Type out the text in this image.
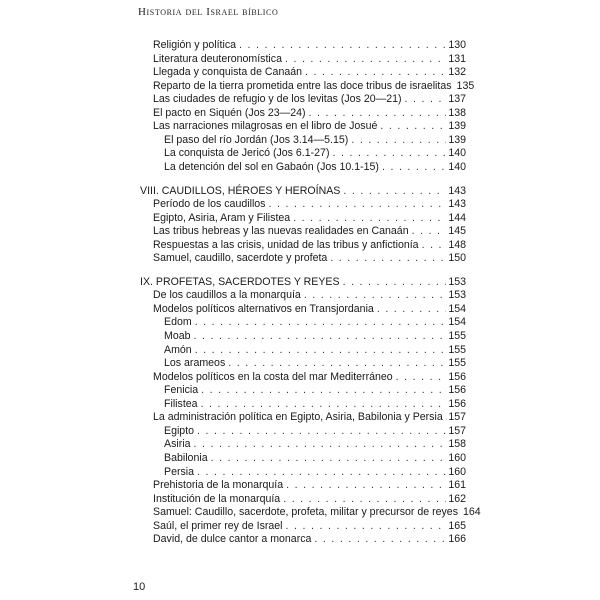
Historia del Israel bíblico
Religión y política . . .	130
Literatura deuteronomística . . .	131
Llegada y conquista de Canaán . . .	132
Reparto de la tierra prometida entre las doce tribus de israelitas 135
Las ciudades de refugio y de los levitas (Jos 20—21) . . .	137
El pacto en Siquén (Jos 23—24) . . .	138
Las narraciones milagrosas en el libro de Josué . . .	139
El paso del río Jordán (Jos 3.14—5.15) . . .	139
La conquista de Jericó (Jos 6.1-27) . . .	140
La detención del sol en Gabaón (Jos 10.1-15) . . .	140
VIII. CAUDILLOS, HÉROES Y HEROÍNAS . . .	143
Período de los caudillos . . .	143
Egipto, Asiria, Aram y Filistea . . .	144
Las tribus hebreas y las nuevas realidades en Canaán . . .	145
Respuestas a las crisis, unidad de las tribus y anfictionía . . .	148
Samuel, caudillo, sacerdote y profeta . . .	150
IX. PROFETAS, SACERDOTES Y REYES . . .	153
De los caudillos a la monarquía . . .	153
Modelos políticos alternativos en Transjordania . . .	154
Edom . . .	154
Moab . . .	155
Amón . . .	155
Los arameos . . .	155
Modelos políticos en la costa del mar Mediterráneo . . .	156
Fenicia . . .	156
Filistea . . .	156
La administración política en Egipto, Asiria, Babilonia y Persia . . . 157
Egipto . . .	157
Asiria . . .	158
Babilonia . . .	160
Persia . . .	160
Prehistoria de la monarquía . . .	161
Institución de la monarquía . . .	162
Samuel: Caudillo, sacerdote, profeta, militar y precursor de reyes 164
Saúl, el primer rey de Israel . . .	165
David, de dulce cantor a monarca . . .	166
10
